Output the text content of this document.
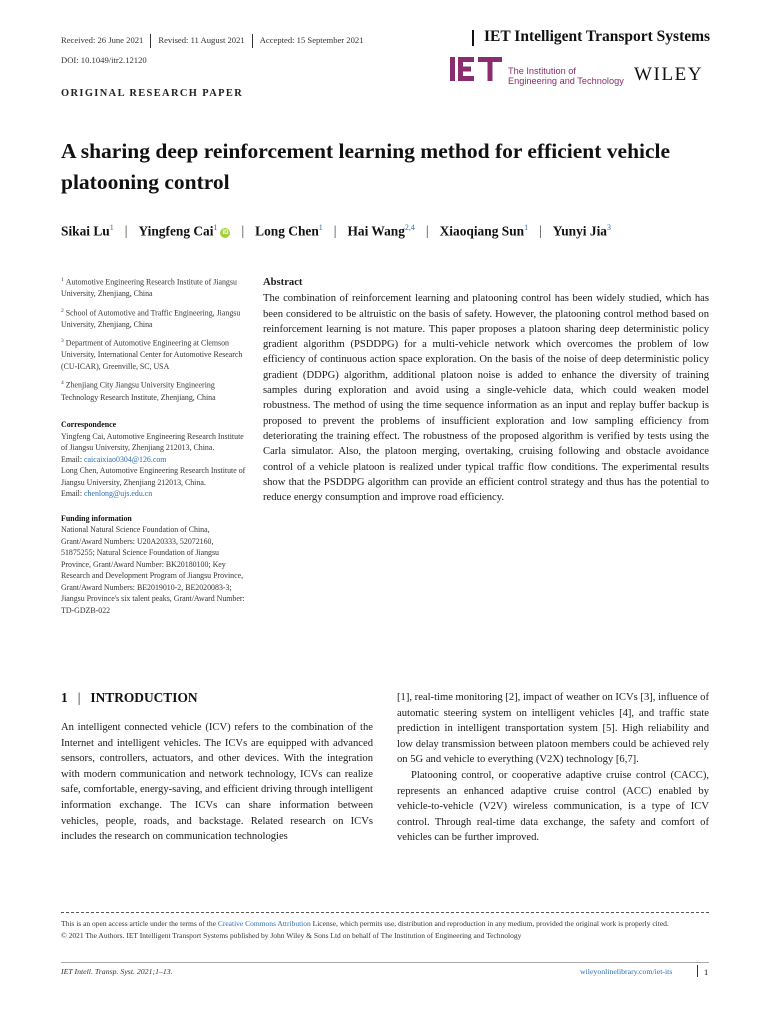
Received: 26 June 2021 Revised: 11 August 2021 Accepted: 15 September 2021	IET Intelligent Transport Systems
DOI: 10.1049/itr2.12120
The Institution of
Engineering and Technology WILEY
ORIGINAL RESEARCH PAPER
A sharing deep reinforcement learning method for efficient vehicle platooning control
Sikai Lu$^1$ | Yingfeng Cai$^1$iD | Long Chen$^1$ | Hai Wang$^{2,4}$ | Xiaoqiang Sun$^1$ | Yunyi Jia$^3$
$^1$ Automotive Engineering Research Institute of Jiangsu University, Zhenjiang, China
$^2$ School of Automotive and Traffic Engineering, Jiangsu University, Zhenjiang, China
$^3$ Department of Automotive Engineering at Clemson University, International Center for Automotive Research (CU-ICAR), Greenville, SC, USA
$^4$ Zhenjiang City Jiangsu University Engineering Technology Research Institute, Zhenjiang, China

Correspondence

Yingfeng Cai, Automotive Engineering Research Institute of Jiangsu University, Zhenjiang 212013, China.

Email: caicaixiao0304@126.com

Long Chen, Automotive Engineering Research Institute of Jiangsu University, Zhenjiang 212013, China.

Email: chenlong@ujs.edu.cn

Funding information
National Natural Science Foundation of China, Grant/Award Numbers: U20A20333, 52072160, 51875255; Natural Science Foundation of Jiangsu Province, Grant/Award Number: BK20180100; Key Research and Development Program of Jiangsu Province, Grant/Award Numbers: BE2019010-2, BE2020083-3; Jiangsu Province's six talent peaks, Grant/Award Number: TD-GDZB-022
Abstract

The combination of reinforcement learning and platooning control has been widely studied, which has been considered to be altruistic on the basis of safety. However, the platooning control method based on reinforcement learning is not mature. This paper proposes a platoon sharing deep deterministic policy gradient algorithm (PSDDPG) for a multi-vehicle network which overcomes the problem of low efficiency of continuous action space exploration. On the basis of the noise of deep deterministic policy gradient (DDPG) algorithm, additional platoon noise is added to enhance the diversity of training samples during exploration and avoid using a single-vehicle data, which could weaken model robustness. The method of using the time sequence information as an input and replay buffer backup is proposed to prevent the problems of insufficient exploration and low sampling efficiency from deteriorating the training effect. The robustness of the proposed algorithm is verified by tests using the Carla simulator. Also, the platoon merging, overtaking, cruising following and obstacle avoidance control of a vehicle platoon is realized under typical traffic flow conditions. The experimental results show that the PSDDPG algorithm can provide an efficient control strategy and thus has the potential to reduce energy consumption and improve road efficiency.

1 | INTRODUCTION

An intelligent connected vehicle (ICV) refers to the combination of the Internet and intelligent vehicles. The ICVs are equipped with advanced sensors, controllers, actuators, and other devices. With the integration with modern communication and network technology, ICVs can realize safe, comfortable, energy-saving, and efficient driving through intelligent information exchange. The ICVs can share information between vehicles, people, roads, and backstage. Related research on ICVs includes the research on communication technologies

[1], real-time monitoring [2], impact of weather on ICVs [3], influence of automatic steering system on intelligent vehicles [4], and traffic state prediction in intelligent transportation system [5]. High reliability and low delay transmission between platoon members could be achieved rely on 5G and vehicle to everything (V2X) technology [6,7].

Platooning control, or cooperative adaptive cruise control (CACC), represents an enhanced adaptive cruise control (ACC) enabled by vehicle-to-vehicle (V2V) wireless communication, is a type of ICV control. Through real-time data exchange, the safety and comfort of vehicles can be further improved.

This is an open access article under the terms of the Creative Commons Attribution License, which permits use, distribution and reproduction in any medium, provided the original work is properly cited.

© 2021 The Authors. IET Intelligent Transport Systems published by John Wiley & Sons Ltd on behalf of The Institution of Engineering and Technology

IET Intell. Transp. Syst. 2021;1–13.	wileyonlinelibrary.com/iet-its	1
